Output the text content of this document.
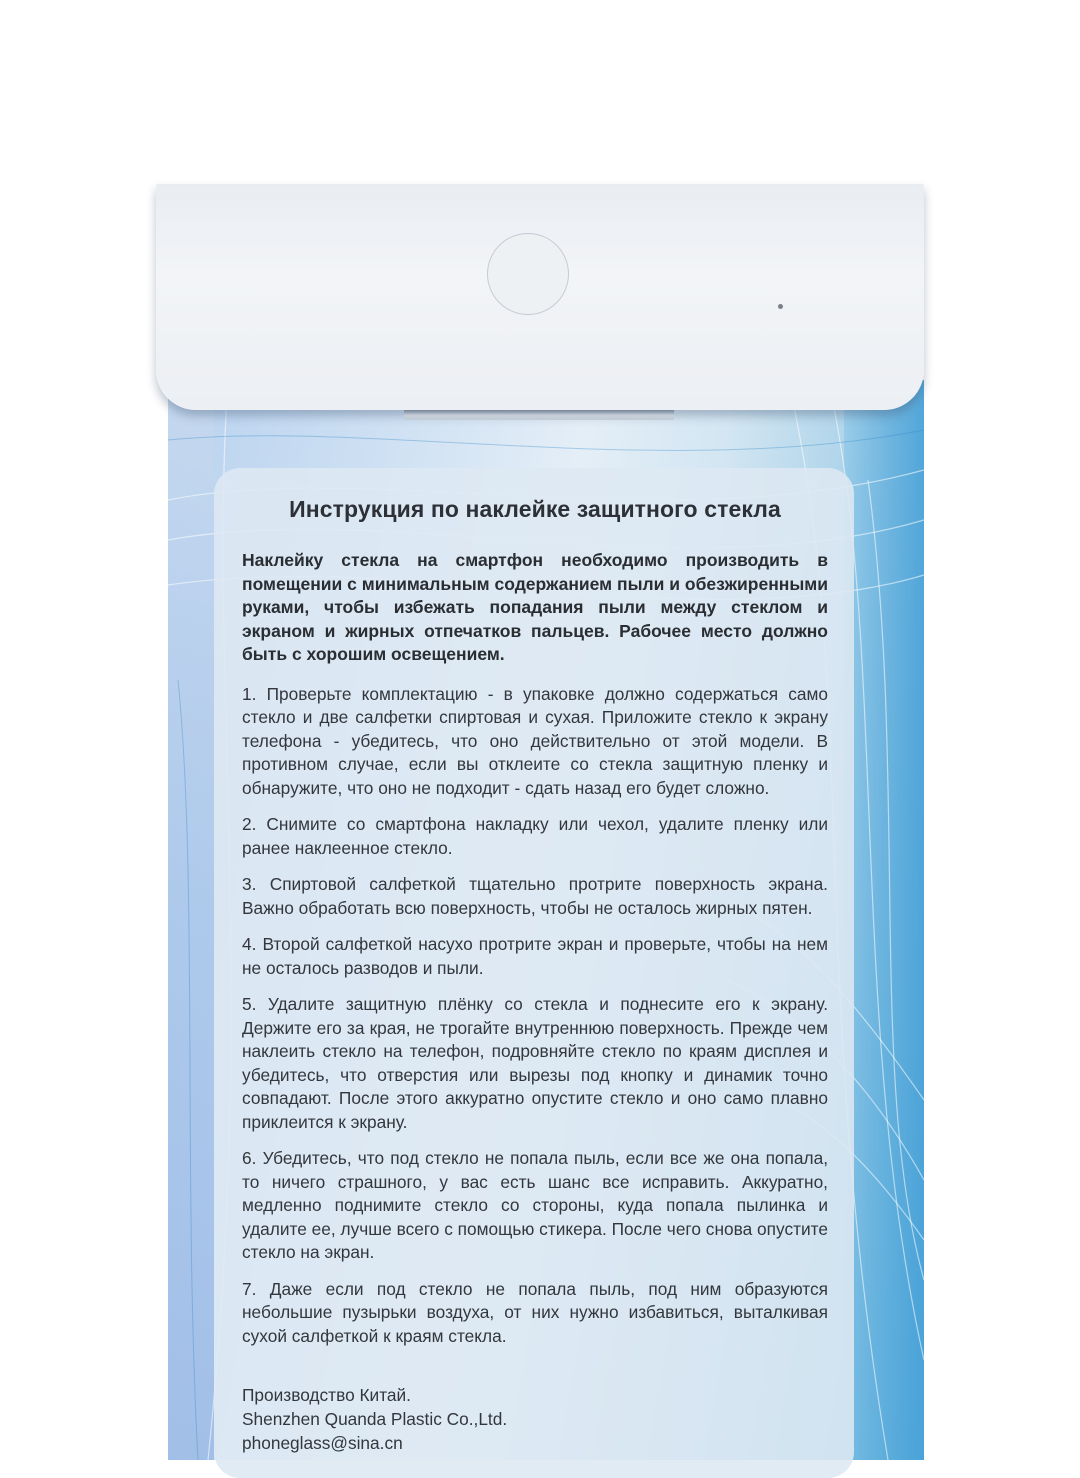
Инструкция по наклейке защитного стекла
Наклейку стекла на смартфон необходимо производить в помещении с минимальным содержанием пыли и обезжиренными руками, чтобы избежать попадания пыли между стеклом и экраном и жирных отпечатков пальцев. Рабочее место должно быть с хорошим освещением.
1. Проверьте комплектацию - в упаковке должно содержаться само стекло и две салфетки спиртовая и сухая. Приложите стекло к экрану телефона - убедитесь, что оно действительно от этой модели. В противном случае, если вы отклеите со стекла защитную пленку и обнаружите, что оно не подходит - сдать назад его будет сложно.
2. Снимите со смартфона накладку или чехол, удалите пленку или ранее наклеенное стекло.
3. Спиртовой салфеткой тщательно протрите поверхность экрана. Важно обработать всю поверхность, чтобы не осталось жирных пятен.
4. Второй салфеткой насухо протрите экран и проверьте, чтобы на нем не осталось разводов и пыли.
5. Удалите защитную плёнку со стекла и поднесите его к экрану. Держите его за края, не трогайте внутреннюю поверхность. Прежде чем наклеить стекло на телефон, подровняйте стекло по краям дисплея и убедитесь, что отверстия или вырезы под кнопку и динамик точно совпадают. После этого аккуратно опустите стекло и оно само плавно приклеится к экрану.
6. Убедитесь, что под стекло не попала пыль, если все же она попала, то ничего страшного, у вас есть шанс все исправить. Аккуратно, медленно поднимите стекло со стороны, куда попала пылинка и удалите ее, лучше всего с помощью стикера. После чего снова опустите стекло на экран.
7. Даже если под стекло не попала пыль, под ним образуются небольшие пузырьки воздуха, от них нужно избавиться, выталкивая сухой салфеткой к краям стекла.
Производство Китай.
Shenzhen Quanda Plastic Co.,Ltd.
phoneglass@sina.cn
